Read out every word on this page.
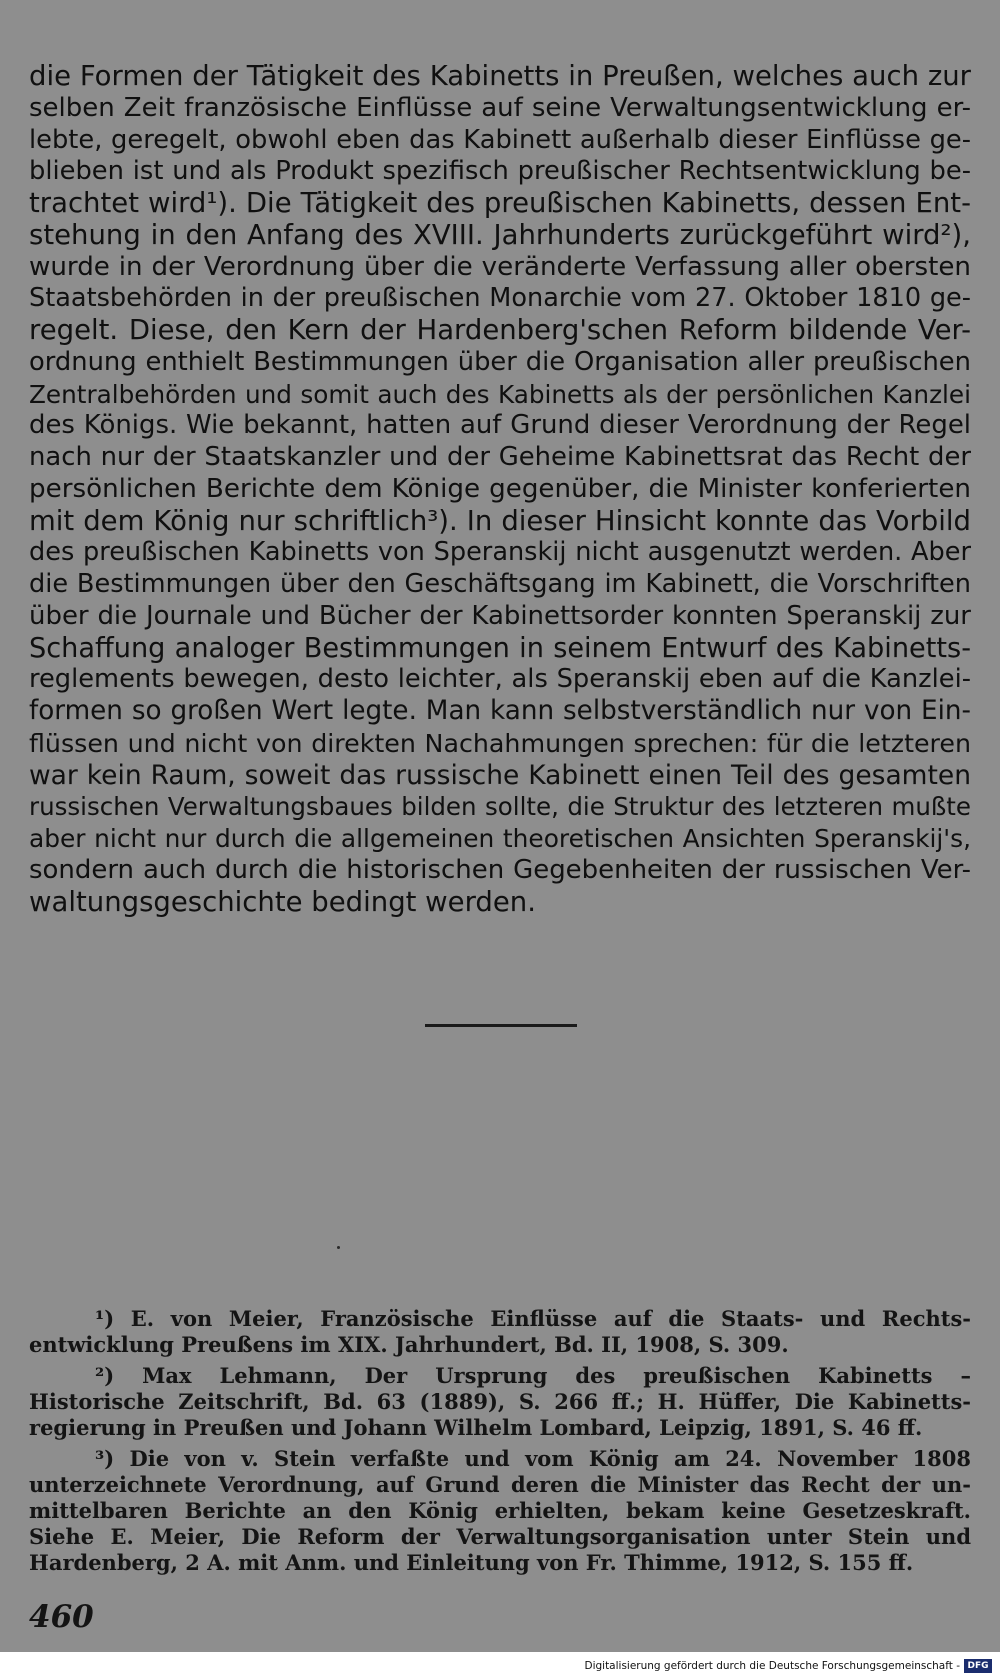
die Formen der Tätigkeit des Kabinetts in Preußen, welches auch zur
selben Zeit französische Einflüsse auf seine Verwaltungsentwicklung er-
lebte, geregelt, obwohl eben das Kabinett außerhalb dieser Einflüsse ge-
blieben ist und als Produkt spezifisch preußischer Rechtsentwicklung be-
trachtet wird¹). Die Tätigkeit des preußischen Kabinetts, dessen Ent-
stehung in den Anfang des XVIII. Jahrhunderts zurückgeführt wird²),
wurde in der Verordnung über die veränderte Verfassung aller obersten
Staatsbehörden in der preußischen Monarchie vom 27. Oktober 1810 ge-
regelt. Diese, den Kern der Hardenberg'schen Reform bildende Ver-
ordnung enthielt Bestimmungen über die Organisation aller preußischen
Zentralbehörden und somit auch des Kabinetts als der persönlichen Kanzlei
des Königs. Wie bekannt, hatten auf Grund dieser Verordnung der Regel
nach nur der Staatskanzler und der Geheime Kabinettsrat das Recht der
persönlichen Berichte dem Könige gegenüber, die Minister konferierten
mit dem König nur schriftlich³). In dieser Hinsicht konnte das Vorbild
des preußischen Kabinetts von Speranskij nicht ausgenutzt werden. Aber
die Bestimmungen über den Geschäftsgang im Kabinett, die Vorschriften
über die Journale und Bücher der Kabinettsorder konnten Speranskij zur
Schaffung analoger Bestimmungen in seinem Entwurf des Kabinetts-
reglements bewegen, desto leichter, als Speranskij eben auf die Kanzlei-
formen so großen Wert legte. Man kann selbstverständlich nur von Ein-
flüssen und nicht von direkten Nachahmungen sprechen: für die letzteren
war kein Raum, soweit das russische Kabinett einen Teil des gesamten
russischen Verwaltungsbaues bilden sollte, die Struktur des letzteren mußte
aber nicht nur durch die allgemeinen theoretischen Ansichten Speranskij's,
sondern auch durch die historischen Gegebenheiten der russischen Ver-
waltungsgeschichte bedingt werden.
¹) E. von Meier, Französische Einflüsse auf die Staats- und Rechts-
entwicklung Preußens im XIX. Jahrhundert, Bd. II, 1908, S. 309.
²) Max Lehmann, Der Ursprung des preußischen Kabinetts –
Historische Zeitschrift, Bd. 63 (1889), S. 266 ff.; H. Hüffer, Die Kabinetts-
regierung in Preußen und Johann Wilhelm Lombard, Leipzig, 1891, S. 46 ff.
³) Die von v. Stein verfaßte und vom König am 24. November 1808
unterzeichnete Verordnung, auf Grund deren die Minister das Recht der un-
mittelbaren Berichte an den König erhielten, bekam keine Gesetzeskraft.
Siehe E. Meier, Die Reform der Verwaltungsorganisation unter Stein und
Hardenberg, 2 A. mit Anm. und Einleitung von Fr. Thimme, 1912, S. 155 ff.
460
Digitalisierung gefördert durch die Deutsche Forschungsgemeinschaft - DFG
